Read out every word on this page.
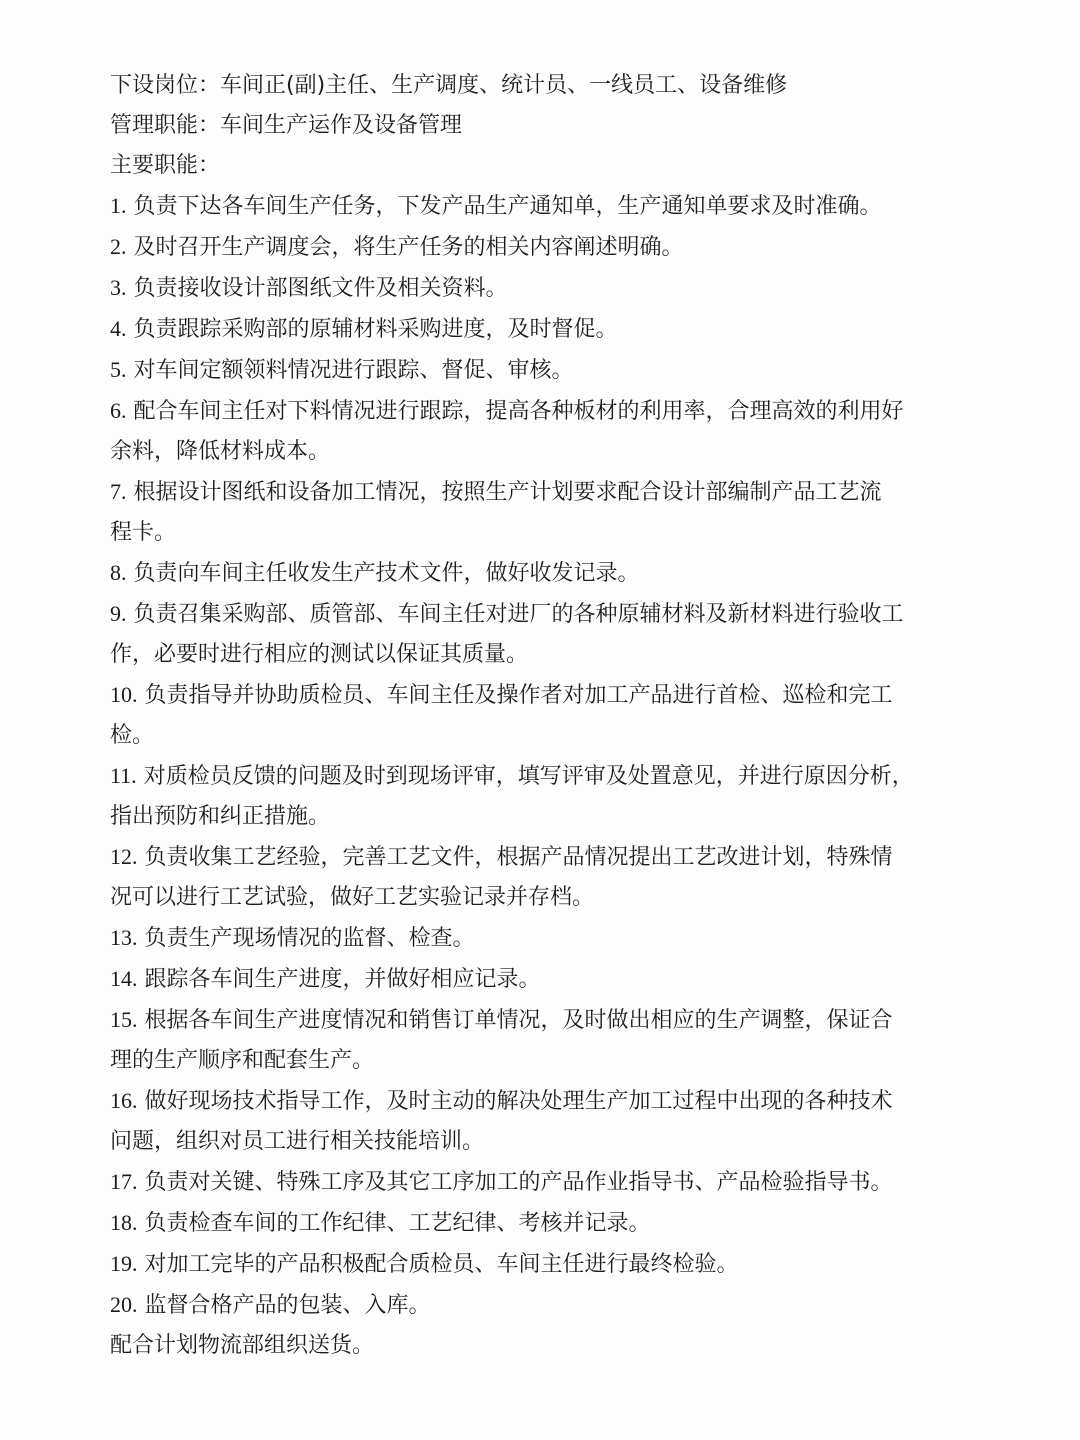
下设岗位：车间正(副)主任、生产调度、统计员、一线员工、设备维修
管理职能：车间生产运作及设备管理
主要职能：
1. 负责下达各车间生产任务，下发产品生产通知单，生产通知单要求及时准确。
2. 及时召开生产调度会，将生产任务的相关内容阐述明确。
3. 负责接收设计部图纸文件及相关资料。
4. 负责跟踪采购部的原辅材料采购进度，及时督促。
5. 对车间定额领料情况进行跟踪、督促、审核。
6. 配合车间主任对下料情况进行跟踪，提高各种板材的利用率，合理高效的利用好
余料，降低材料成本。
7. 根据设计图纸和设备加工情况，按照生产计划要求配合设计部编制产品工艺流
程卡。
8. 负责向车间主任收发生产技术文件，做好收发记录。
9. 负责召集采购部、质管部、车间主任对进厂的各种原辅材料及新材料进行验收工
作，必要时进行相应的测试以保证其质量。
10. 负责指导并协助质检员、车间主任及操作者对加工产品进行首检、巡检和完工
检。
11. 对质检员反馈的问题及时到现场评审，填写评审及处置意见，并进行原因分析，
指出预防和纠正措施。
12. 负责收集工艺经验，完善工艺文件，根据产品情况提出工艺改进计划，特殊情
况可以进行工艺试验，做好工艺实验记录并存档。
13. 负责生产现场情况的监督、检查。
14. 跟踪各车间生产进度，并做好相应记录。
15. 根据各车间生产进度情况和销售订单情况，及时做出相应的生产调整，保证合
理的生产顺序和配套生产。
16. 做好现场技术指导工作，及时主动的解决处理生产加工过程中出现的各种技术
问题，组织对员工进行相关技能培训。
17. 负责对关键、特殊工序及其它工序加工的产品作业指导书、产品检验指导书。
18. 负责检查车间的工作纪律、工艺纪律、考核并记录。
19. 对加工完毕的产品积极配合质检员、车间主任进行最终检验。
20. 监督合格产品的包装、入库。
配合计划物流部组织送货。
